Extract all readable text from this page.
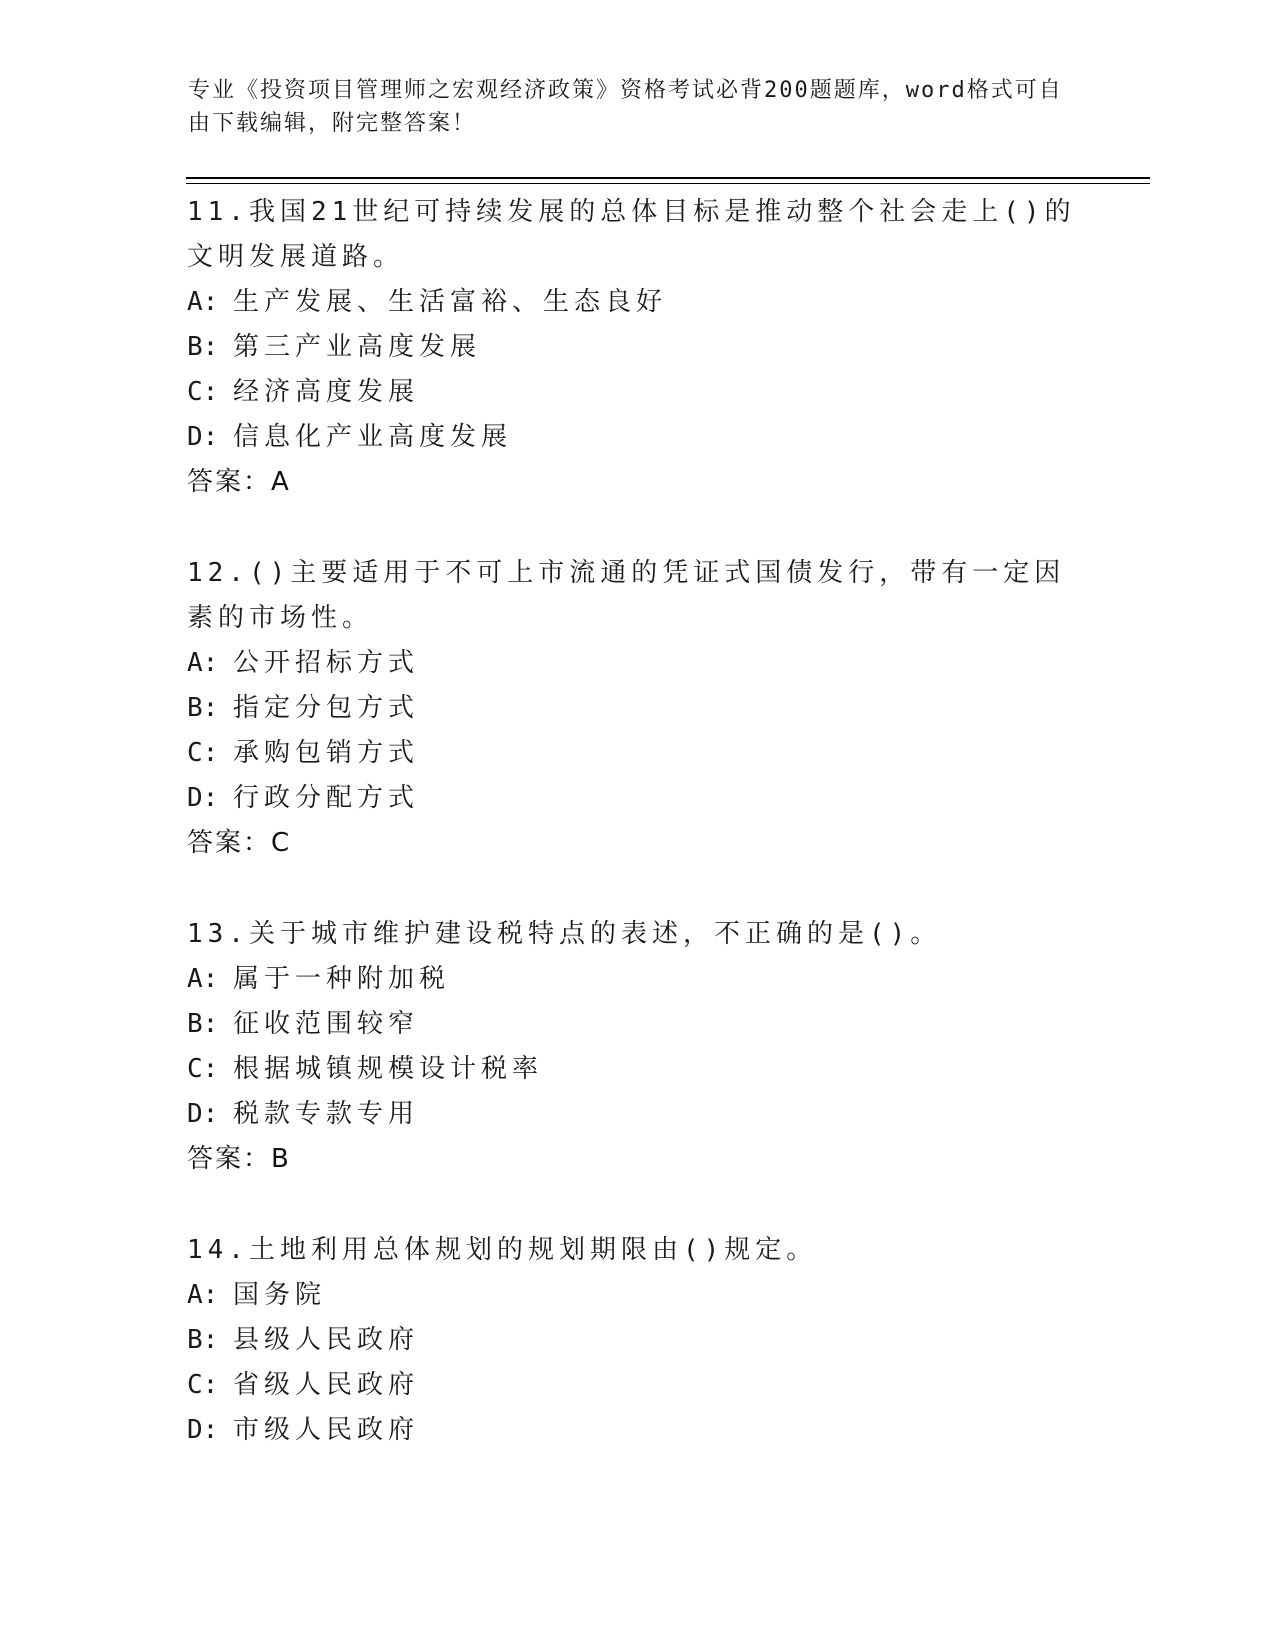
专业《投资项目管理师之宏观经济政策》资格考试必背200题题库，word格式可自由下载编辑，附完整答案！

11.我国21世纪可持续发展的总体目标是推动整个社会走上()的文明发展道路。

A: 生产发展、生活富裕、生态良好
B: 第三产业高度发展
C: 经济高度发展
D: 信息化产业高度发展
答案：A

12.()主要适用于不可上市流通的凭证式国债发行，带有一定因素的市场性。

A: 公开招标方式
B: 指定分包方式
C: 承购包销方式
D: 行政分配方式
答案：C

13.关于城市维护建设税特点的表述，不正确的是()。

A: 属于一种附加税
B: 征收范围较窄
C: 根据城镇规模设计税率
D: 税款专款专用
答案：B

14.土地利用总体规划的规划期限由()规定。

A: 国务院
B: 县级人民政府
C: 省级人民政府
D: 市级人民政府
